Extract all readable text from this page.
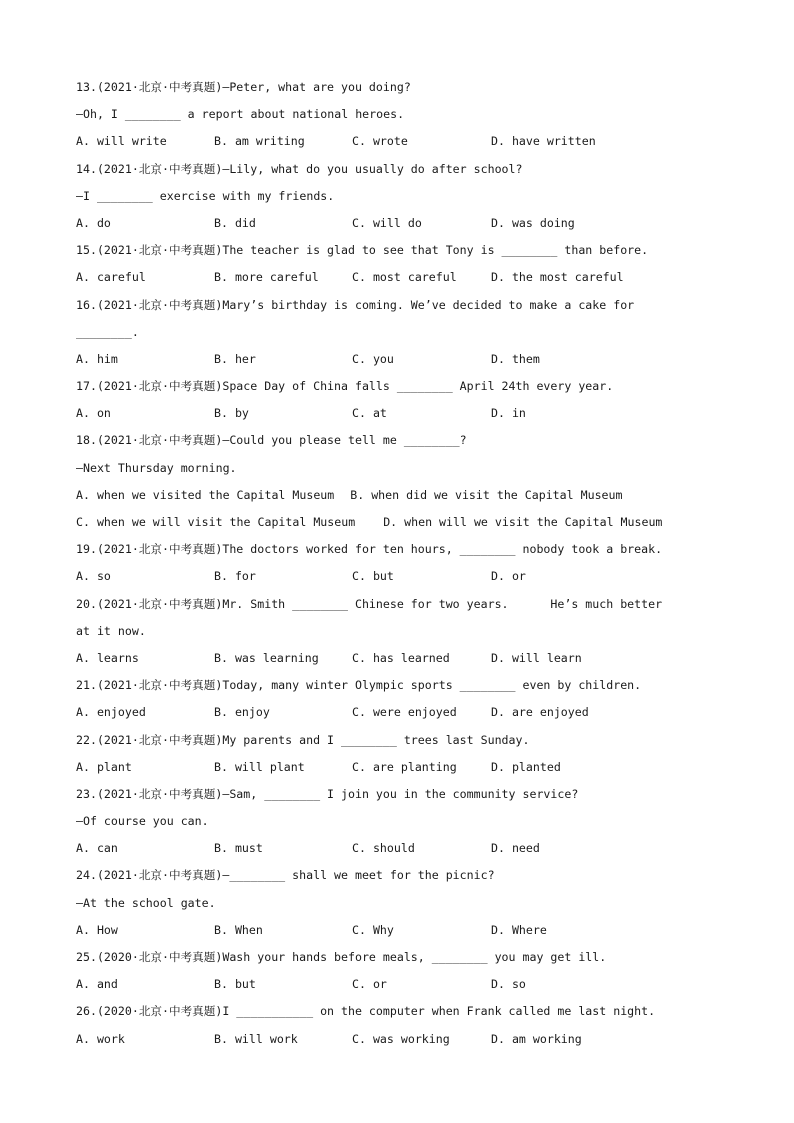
13.(2021·北京·中考真题)—Peter, what are you doing?
—Oh, I ________ a report about national heroes.
A. will write	B. am writing	C. wrote	D. have written
14.(2021·北京·中考真题)—Lily, what do you usually do after school?
—I ________ exercise with my friends.
A. do	B. did	C. will do	D. was doing
15.(2021·北京·中考真题)The teacher is glad to see that Tony is ________ than before.
A. careful	B. more careful	C. most careful	D. the most careful
16.(2021·北京·中考真题)Mary’s birthday is coming. We’ve decided to make a cake for
________.
A. him	B. her	C. you	D. them
17.(2021·北京·中考真题)Space Day of China falls ________ April 24th every year.
A. on	B. by	C. at	D. in
18.(2021·北京·中考真题)—Could you please tell me ________?
—Next Thursday morning.
A. when we visited the Capital Museum B. when did we visit the Capital Museum
C. when we will visit the Capital Museum D. when will we visit the Capital Museum
19.(2021·北京·中考真题)The doctors worked for ten hours, ________ nobody took a break.
A. so	B. for	C. but	D. or
20.(2021·北京·中考真题)Mr. Smith ________ Chinese for two years.      He’s much better
at it now.
A. learns	B. was learning	C. has learned	D. will learn
21.(2021·北京·中考真题)Today, many winter Olympic sports ________ even by children.
A. enjoyed	B. enjoy	C. were enjoyed	D. are enjoyed
22.(2021·北京·中考真题)My parents and I ________ trees last Sunday.
A. plant	B. will plant	C. are planting	D. planted
23.(2021·北京·中考真题)—Sam, ________ I join you in the community service?
—Of course you can.
A. can	B. must	C. should	D. need
24.(2021·北京·中考真题)—________ shall we meet for the picnic?
—At the school gate.
A. How	B. When	C. Why	D. Where
25.(2020·北京·中考真题)Wash your hands before meals, ________ you may get ill.
A. and	B. but	C. or	D. so
26.(2020·北京·中考真题)I ___________ on the computer when Frank called me last night.
A. work	B. will work	C. was working	D. am working
